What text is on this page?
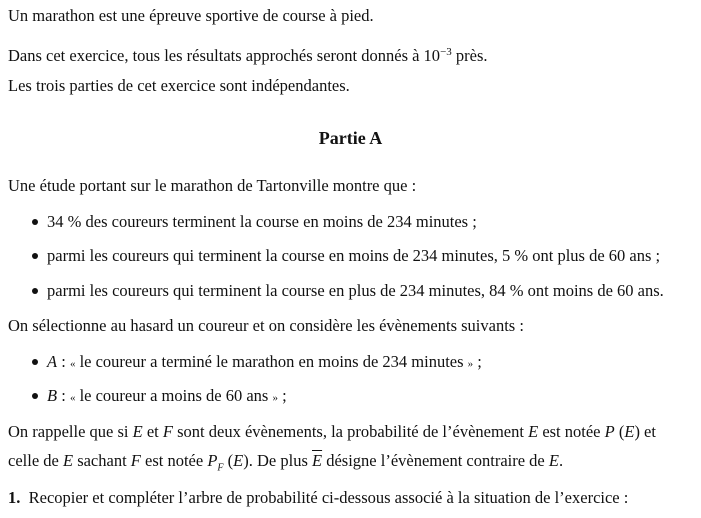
Un marathon est une épreuve sportive de course à pied.
Dans cet exercice, tous les résultats approchés seront donnés à $10^{-3}$ près.
Les trois parties de cet exercice sont indépendantes.
Partie A
Une étude portant sur le marathon de Tartonville montre que :
34 % des coureurs terminent la course en moins de 234 minutes ;
parmi les coureurs qui terminent la course en moins de 234 minutes, 5 % ont plus de 60 ans ;
parmi les coureurs qui terminent la course en plus de 234 minutes, 84 % ont moins de 60 ans.
On sélectionne au hasard un coureur et on considère les évènements suivants :
A : « le coureur a terminé le marathon en moins de 234 minutes » ;
B : « le coureur a moins de 60 ans » ;
On rappelle que si E et F sont deux évènements, la probabilité de l’évènement E est notée P (E) et
celle de E sachant F est notée $P_F$ (E). De plus $\overline{E}$ désigne l’évènement contraire de E.
1.  Recopier et compléter l’arbre de probabilité ci-dessous associé à la situation de l’exercice :
